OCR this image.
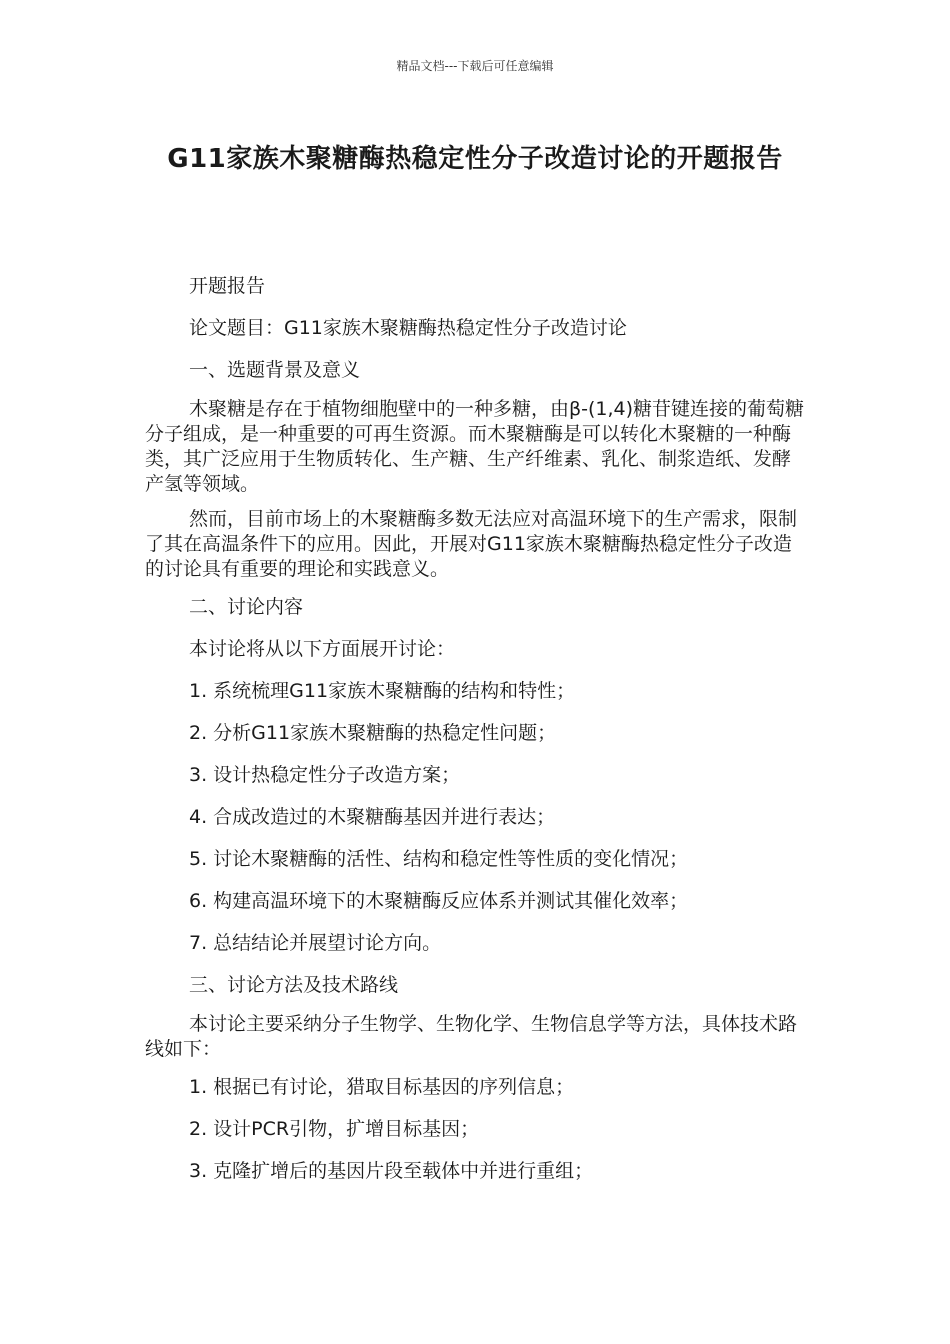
精品文档---下载后可任意编辑
G11家族木聚糖酶热稳定性分子改造讨论的开题报告

开题报告

论文题目：G11家族木聚糖酶热稳定性分子改造讨论

一、选题背景及意义

木聚糖是存在于植物细胞壁中的一种多糖，由β-(1,4)糖苷键连接的葡萄糖分子组成，是一种重要的可再生资源。而木聚糖酶是可以转化木聚糖的一种酶类，其广泛应用于生物质转化、生产糖、生产纤维素、乳化、制浆造纸、发酵产氢等领域。

然而，目前市场上的木聚糖酶多数无法应对高温环境下的生产需求，限制了其在高温条件下的应用。因此，开展对G11家族木聚糖酶热稳定性分子改造的讨论具有重要的理论和实践意义。

二、讨论内容

本讨论将从以下方面展开讨论：

1. 系统梳理G11家族木聚糖酶的结构和特性；

2. 分析G11家族木聚糖酶的热稳定性问题；

3. 设计热稳定性分子改造方案；

4. 合成改造过的木聚糖酶基因并进行表达；

5. 讨论木聚糖酶的活性、结构和稳定性等性质的变化情况；

6. 构建高温环境下的木聚糖酶反应体系并测试其催化效率；

7. 总结结论并展望讨论方向。

三、讨论方法及技术路线

本讨论主要采纳分子生物学、生物化学、生物信息学等方法，具体技术路线如下：

1. 根据已有讨论，猎取目标基因的序列信息；

2. 设计PCR引物，扩增目标基因；

3. 克隆扩增后的基因片段至载体中并进行重组；
